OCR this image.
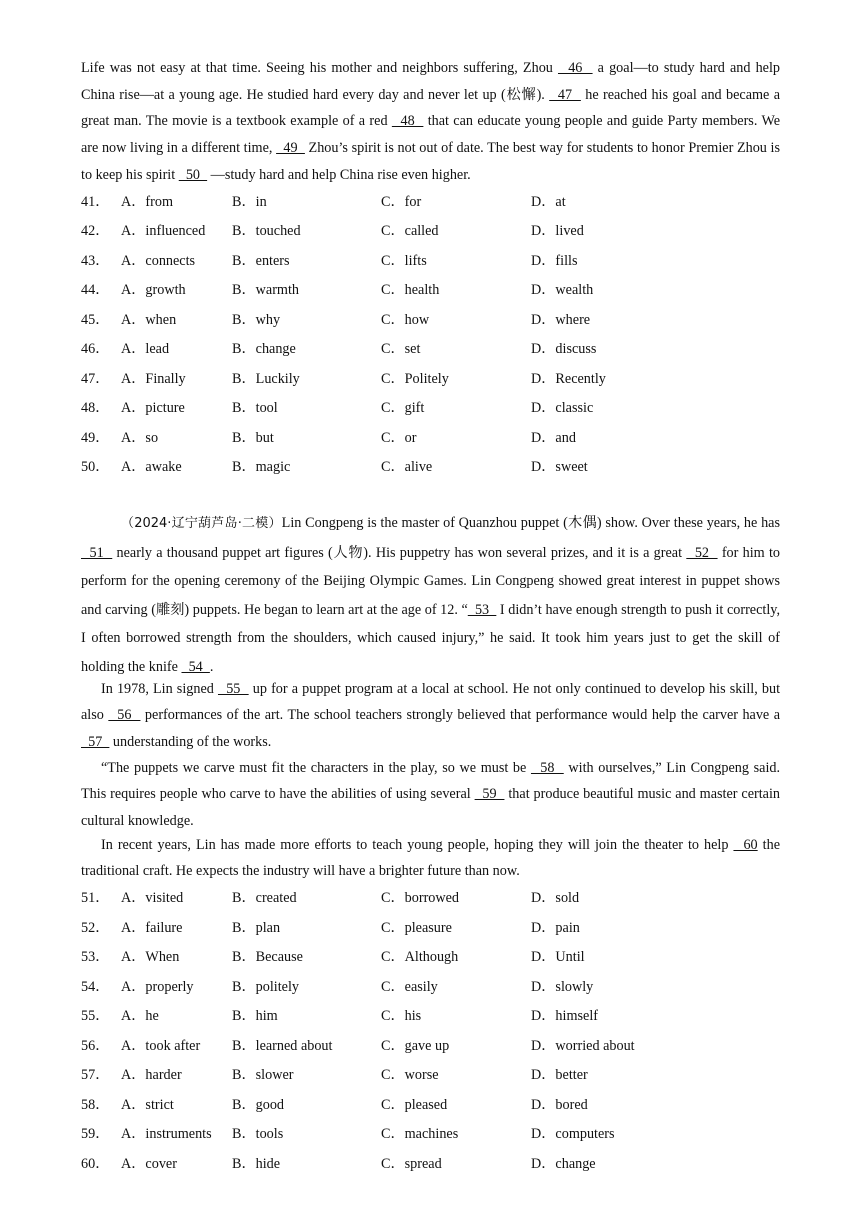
Life was not easy at that time. Seeing his mother and neighbors suffering, Zhou   46   a goal—to study hard and help China rise—at a young age. He studied hard every day and never let up (松懈).   47   he reached his goal and became a great man. The movie is a textbook example of a red   48   that can educate young people and guide Party members. We are now living in a different time,   49   Zhou’s spirit is not out of date. The best way for students to honor Premier Zhou is to keep his spirit   50   —study hard and help China rise even higher.

41． A．from	B．in	C．for	D．at
42． A．influenced B．touched	C．called	D．lived
43． A．connects	B．enters	C．lifts	D．fills
44． A．growth	B．warmth	C．health	D．wealth
45． A．when	B．why	C．how	D．where
46． A．lead	B．change	C．set	D．discuss
47． A．Finally	B．Luckily	C．Politely	D．Recently
48． A．picture	B．tool	C．gift	D．classic
49． A．so	B．but	C．or	D．and
50． A．awake	B．magic	C．alive	D．sweet

（2024·辽宁葫芦岛·二模）Lin Congpeng is the master of Quanzhou puppet (木偶) show. Over these years, he has   51   nearly a thousand puppet art figures (人物). His puppetry has won several prizes, and it is a great   52   for him to perform for the opening ceremony of the Beijing Olympic Games. Lin Congpeng showed great interest in puppet shows and carving (雕刻) puppets. He began to learn art at the age of 12. “  53   I didn’t have enough strength to push it correctly, I often borrowed strength from the shoulders, which caused injury,” he said. It took him years just to get the skill of holding the knife   54  .

In 1978, Lin signed   55   up for a puppet program at a local at school. He not only continued to develop his skill, but also   56   performances of the art. The school teachers strongly believed that performance would help the carver have a   57   understanding of the works.

“The puppets we carve must fit the characters in the play, so we must be   58   with ourselves,” Lin Congpeng said. This requires people who carve to have the abilities of using several   59   that produce beautiful music and master certain cultural knowledge.

In recent years, Lin has made more efforts to teach young people, hoping they will join the theater to help   60 the traditional craft. He expects the industry will have a brighter future than now.

51． A．visited	B．created	C．borrowed	D．sold
52． A．failure	B．plan	C．pleasure	D．pain
53． A．When	B．Because	C．Although	D．Until
54． A．properly	B．politely	C．easily	D．slowly
55． A．he	B．him	C．his	D．himself
56． A．took after B．learned about	C．gave up	D．worried about
57． A．harder	B．slower	C．worse	D．better
58． A．strict	B．good	C．pleased	D．bored
59． A．instruments B．tools	C．machines	D．computers
60． A．cover	B．hide	C．spread	D．change
